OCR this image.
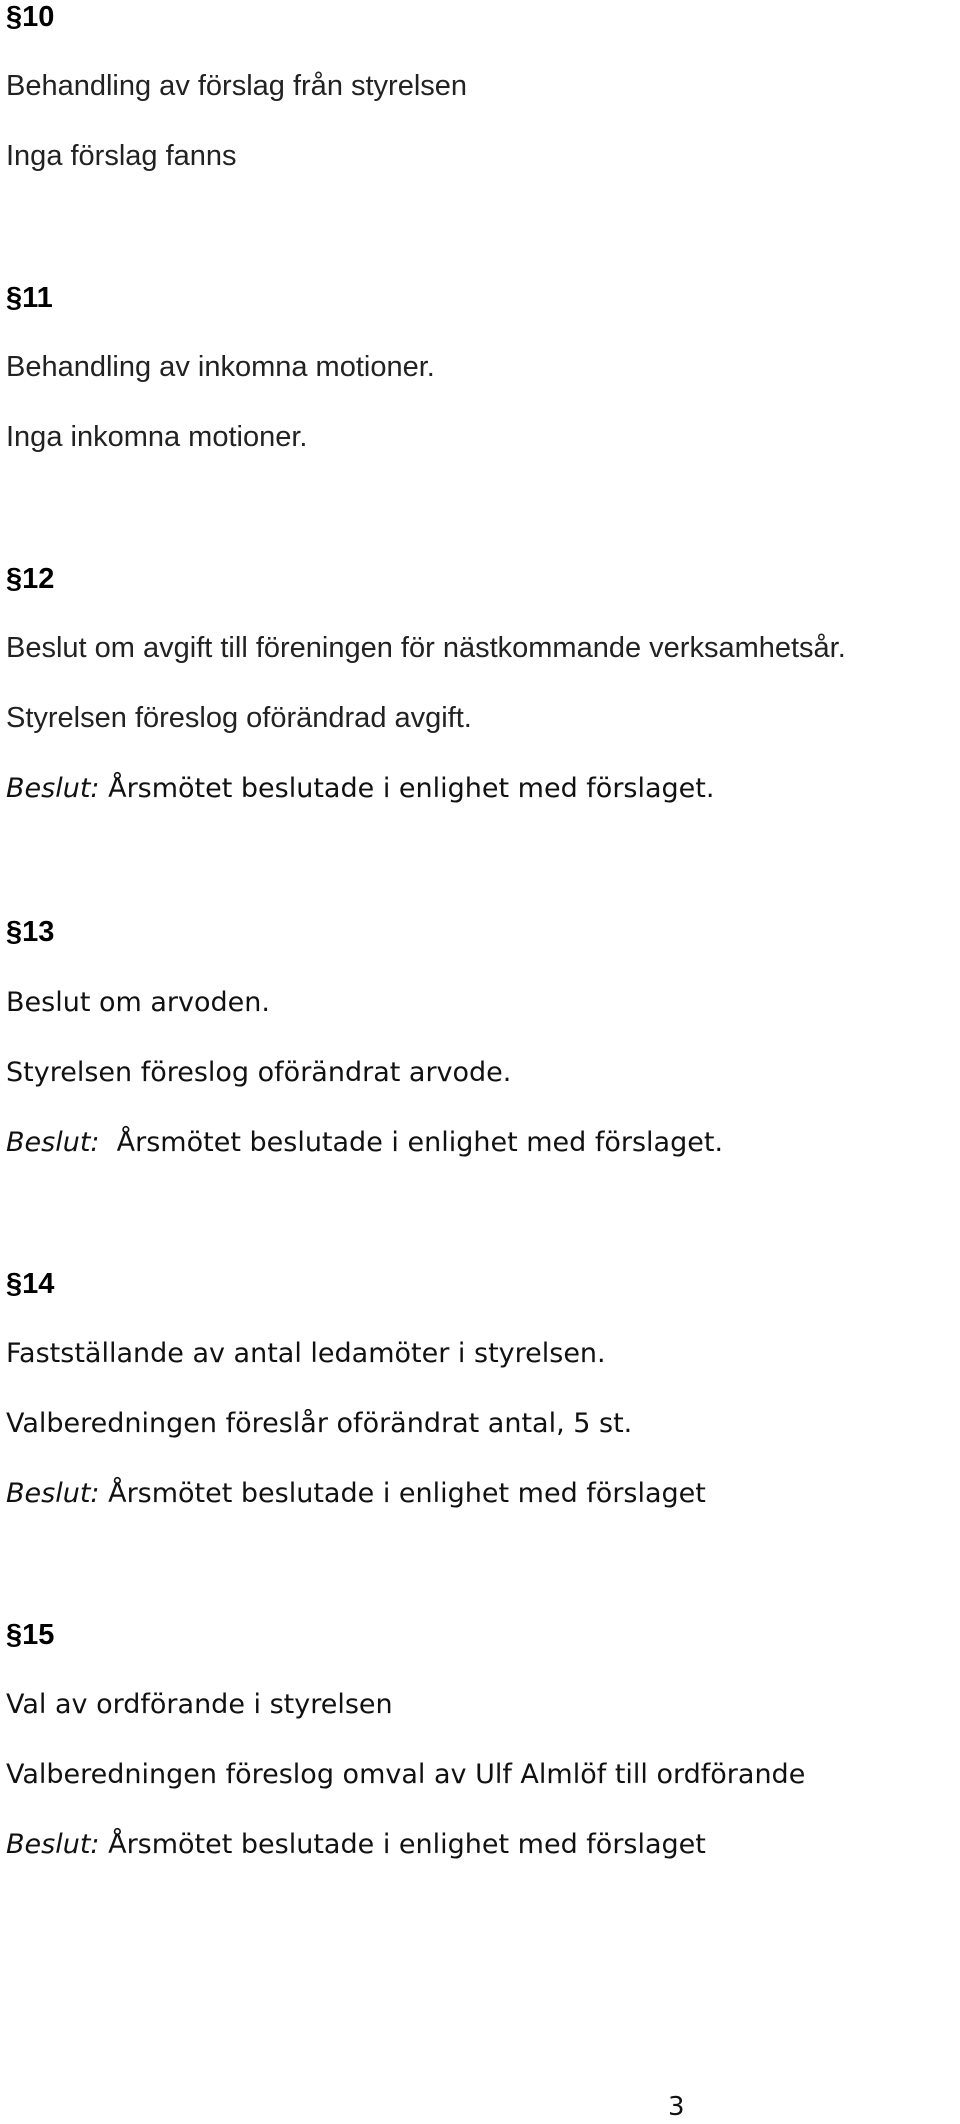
§10
Behandling av förslag från styrelsen
Inga förslag fanns
§11
Behandling av inkomna motioner.
Inga inkomna motioner.
§12
Beslut om avgift till föreningen för nästkommande verksamhetsår.
Styrelsen föreslog oförändrad avgift.
Beslut: Årsmötet beslutade i enlighet med förslaget.
§13
Beslut om arvoden.
Styrelsen föreslog oförändrat arvode.
Beslut: Årsmötet beslutade i enlighet med förslaget.
§14
Fastställande av antal ledamöter i styrelsen.
Valberedningen föreslår oförändrat antal, 5 st.
Beslut: Årsmötet beslutade i enlighet med förslaget
§15
Val av ordförande i styrelsen
Valberedningen föreslog omval av Ulf Almlöf till ordförande
Beslut: Årsmötet beslutade i enlighet med förslaget
3
